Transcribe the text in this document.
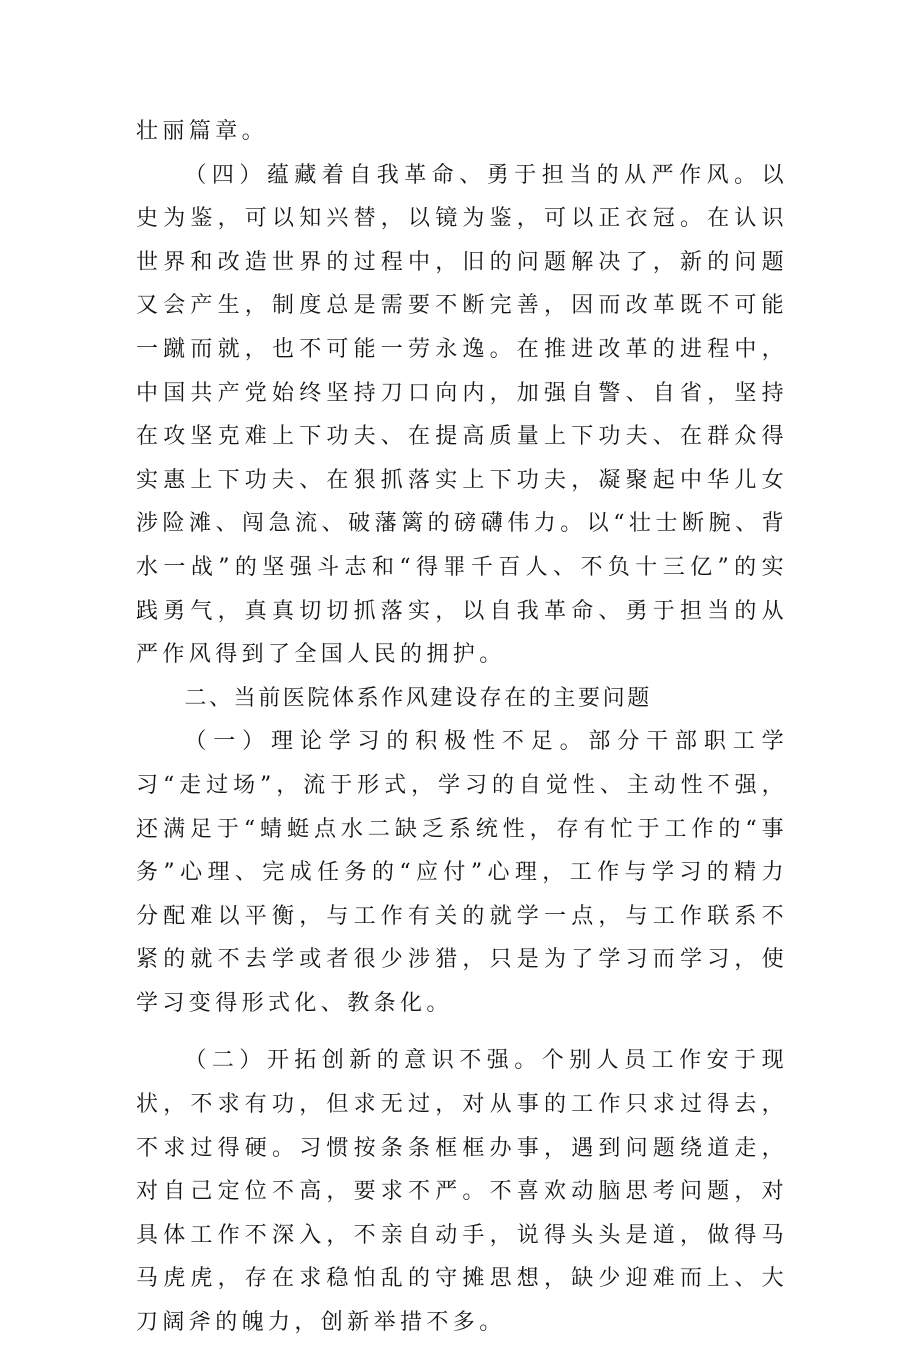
壮丽篇章。

（四）蕴藏着自我革命、勇于担当的从严作风。以史为鉴，可以知兴替，以镜为鉴，可以正衣冠。在认识世界和改造世界的过程中，旧的问题解决了，新的问题又会产生，制度总是需要不断完善，因而改革既不可能一蹴而就，也不可能一劳永逸。在推进改革的进程中，中国共产党始终坚持刀口向内，加强自警、自省，坚持在攻坚克难上下功夫、在提高质量上下功夫、在群众得实惠上下功夫、在狠抓落实上下功夫，凝聚起中华儿女涉险滩、闯急流、破藩篱的磅礴伟力。以“壮士断腕、背水一战”的坚强斗志和“得罪千百人、不负十三亿”的实践勇气，真真切切抓落实，以自我革命、勇于担当的从严作风得到了全国人民的拥护。

二、当前医院体系作风建设存在的主要问题

（一）理论学习的积极性不足。部分干部职工学习“走过场”，流于形式，学习的自觉性、主动性不强，还满足于“蜻蜓点水二缺乏系统性，存有忙于工作的“事务”心理、完成任务的“应付”心理，工作与学习的精力分配难以平衡，与工作有关的就学一点，与工作联系不紧的就不去学或者很少涉猎，只是为了学习而学习，使学习变得形式化、教条化。

（二）开拓创新的意识不强。个别人员工作安于现状，不求有功，但求无过，对从事的工作只求过得去，不求过得硬。习惯按条条框框办事，遇到问题绕道走，对自己定位不高，要求不严。不喜欢动脑思考问题，对具体工作不深入，不亲自动手，说得头头是道，做得马马虎虎，存在求稳怕乱的守摊思想，缺少迎难而上、大刀阔斧的魄力，创新举措不多。
